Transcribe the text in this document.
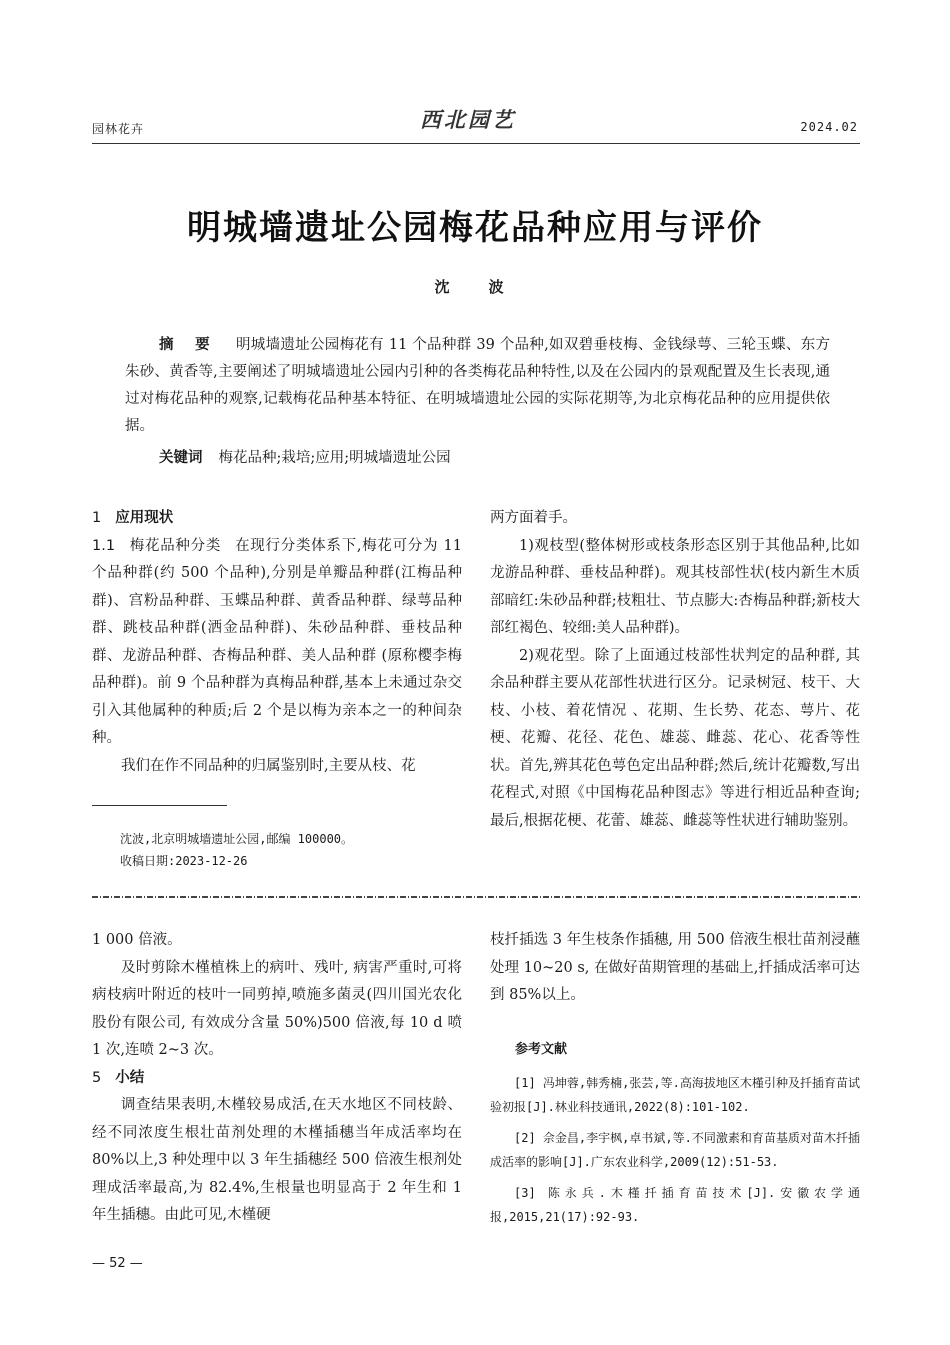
园林花卉	西北园艺	2024.02
明城墙遗址公园梅花品种应用与评价
沈　波
摘 要 明城墙遗址公园梅花有 11 个品种群 39 个品种,如双碧垂枝梅、金钱绿萼、三轮玉蝶、东方朱砂、黄香等,主要阐述了明城墙遗址公园内引种的各类梅花品种特性,以及在公园内的景观配置及生长表现,通过对梅花品种的观察,记载梅花品种基本特征、在明城墙遗址公园的实际花期等,为北京梅花品种的应用提供依据。
关键词 梅花品种;栽培;应用;明城墙遗址公园
1 应用现状

1.1 梅花品种分类 在现行分类体系下,梅花可分为 11 个品种群(约 500 个品种),分别是单瓣品种群(江梅品种群)、宫粉品种群、玉蝶品种群、黄香品种群、绿萼品种群、跳枝品种群(洒金品种群)、朱砂品种群、垂枝品种群、龙游品种群、杏梅品种群、美人品种群 (原称樱李梅品种群)。前 9 个品种群为真梅品种群,基本上未通过杂交引入其他属种的种质;后 2 个是以梅为亲本之一的种间杂种。

我们在作不同品种的归属鉴别时,主要从枝、花

沈波,北京明城墙遗址公园,邮编 100000。
收稿日期:2023-12-26

两方面着手。

1)观枝型(整体树形或枝条形态区别于其他品种,比如龙游品种群、垂枝品种群)。观其枝部性状(枝内新生木质部暗红:朱砂品种群;枝粗壮、节点膨大:杏梅品种群;新枝大部红褐色、较细:美人品种群)。

2)观花型。除了上面通过枝部性状判定的品种群, 其余品种群主要从花部性状进行区分。记录树冠、枝干、大枝、小枝、着花情况 、花期、生长势、花态、萼片、花梗、花瓣、花径、花色、雄蕊、雌蕊、花心、花香等性状。首先,辨其花色萼色定出品种群;然后,统计花瓣数,写出花程式,对照《中国梅花品种图志》等进行相近品种查询;最后,根据花梗、花蕾、雄蕊、雌蕊等性状进行辅助鉴别。

1 000 倍液。

及时剪除木槿植株上的病叶、残叶, 病害严重时,可将病枝病叶附近的枝叶一同剪掉,喷施多菌灵(四川国光农化股份有限公司, 有效成分含量 50%)500 倍液,每 10 d 喷 1 次,连喷 2~3 次。

5 小结

调查结果表明,木槿较易成活,在天水地区不同枝龄、经不同浓度生根壮苗剂处理的木槿插穗当年成活率均在 80%以上,3 种处理中以 3 年生插穗经 500 倍液生根剂处理成活率最高,为 82.4%,生根量也明显高于 2 年生和 1 年生插穗。由此可见,木槿硬

枝扦插选 3 年生枝条作插穗, 用 500 倍液生根壮苗剂浸蘸处理 10~20 s, 在做好苗期管理的基础上,扦插成活率可达到 85%以上。

参考文献
[1] 冯坤蓉,韩秀楠,张芸,等.高海拔地区木槿引种及扦插育苗试验初报[J].林业科技通讯,2022(8):101-102.
[2] 佘金昌,李宇枫,卓书斌,等.不同激素和育苗基质对苗木扦插成活率的影响[J].广东农业科学,2009(12):51-53.
[3] 陈永兵.木槿扦插育苗技术[J].安徽农学通报,2015,21(17):92-93.
— 52 —
